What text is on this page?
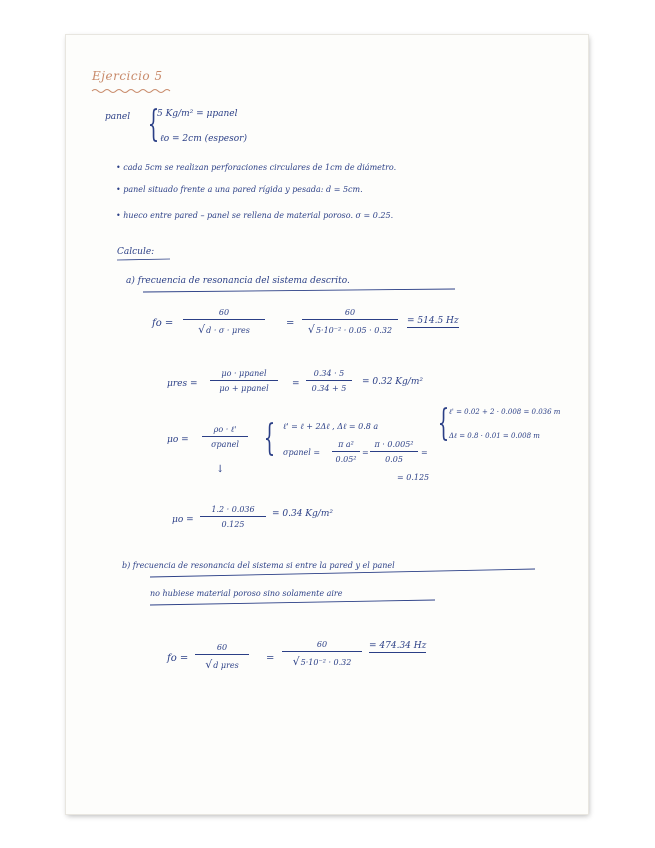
Ejercicio 5
panel {
5 Kg/m² = μpanel
ℓo = 2cm (espesor)
• cada 5cm se realizan perforaciones circulares de 1cm de diámetro.
• panel situado frente a una pared rígida y pesada: d = 5cm.
• hueco entre pared – panel se rellena de material poroso. σ = 0.25.
Calcule:
a) frecuencia de resonancia del sistema descrito.
fo =
60
√ d · σ · μres
=
60
√ 5·10⁻² · 0.05 · 0.32
= 514.5 Hz
μres =
μo · μpanel
μo + μpanel	=
0.34 · 5
0.34 + 5
= 0.32 Kg/m²
μo =
ρo · ℓ'
σpanel
↓
{ ℓ' = ℓ + 2Δℓ , Δℓ = 0.8 a
σpanel =
π a²
0.05²
=
π · 0.005²
0.05
=
= 0.125
{ ℓ' = 0.02 + 2 · 0.008 = 0.036 m
Δℓ = 0.8 · 0.01 = 0.008 m
μo =
1.2 · 0.036
0.125
= 0.34 Kg/m²
b) frecuencia de resonancia del sistema si entre la pared y el panel
no hubiese material poroso sino solamente aire
fo =
60
√ d μres
=
60
√ 5·10⁻² · 0.32
= 474.34 Hz
